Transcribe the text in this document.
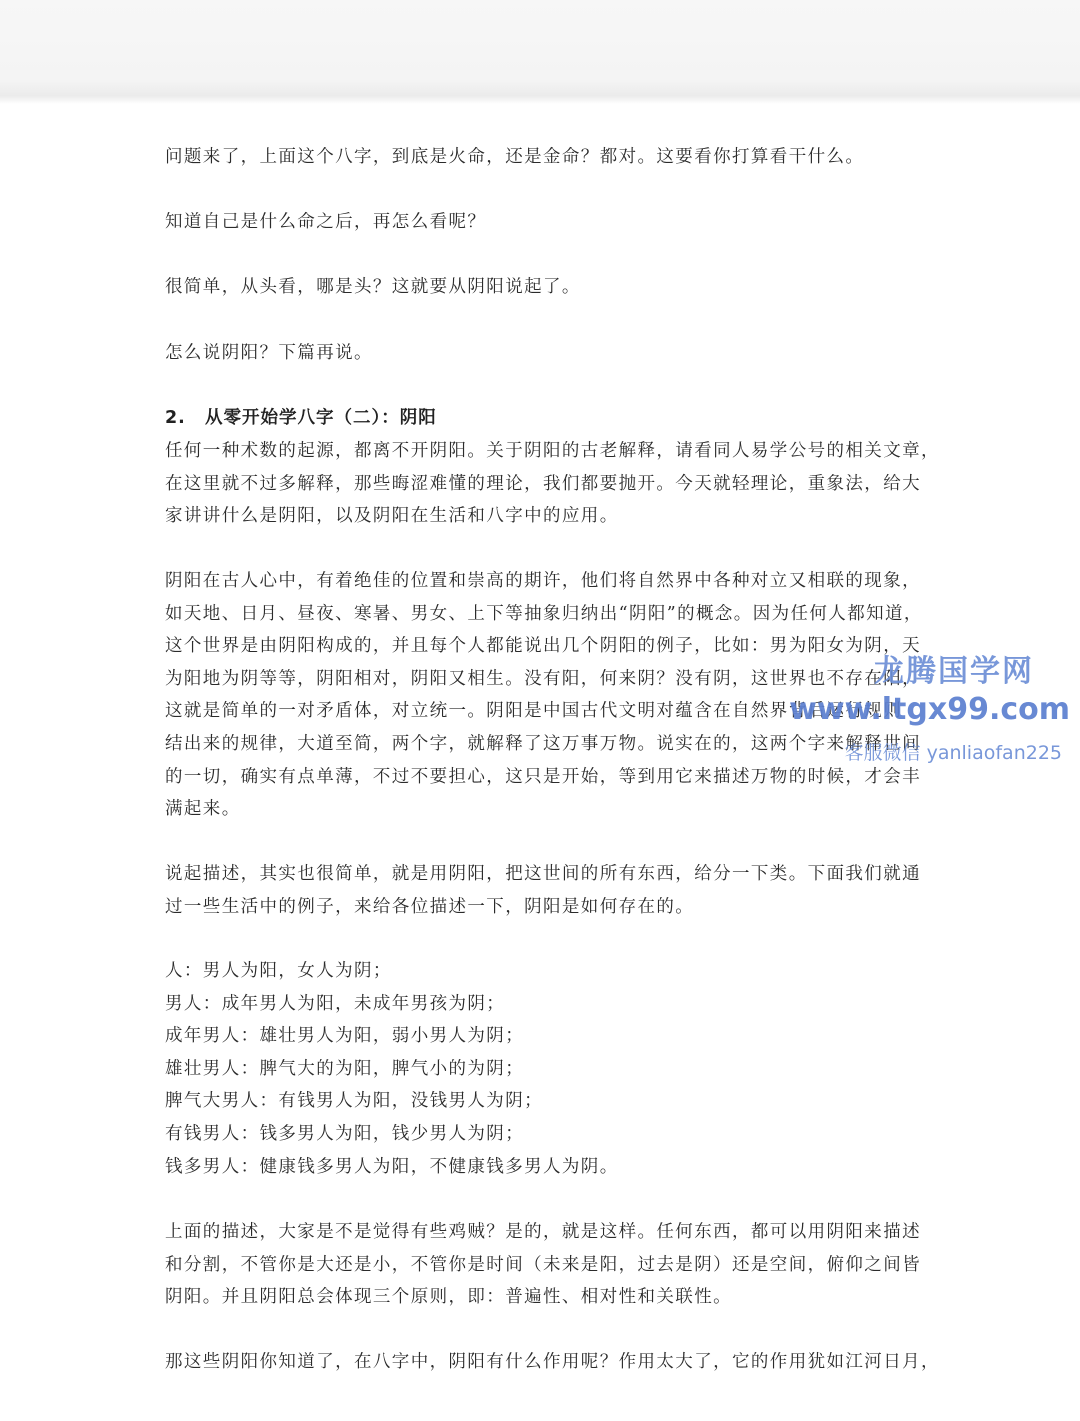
问题来了，上面这个八字，到底是火命，还是金命？都对。这要看你打算看干什么。

知道自己是什么命之后，再怎么看呢？

很简单，从头看，哪是头？这就要从阴阳说起了。

怎么说阴阳？下篇再说。

2. 从零开始学八字（二）：阴阳
任何一种术数的起源，都离不开阴阳。关于阴阳的古老解释，请看同人易学公号的相关文章，
在这里就不过多解释，那些晦涩难懂的理论，我们都要抛开。今天就轻理论，重象法，给大
家讲讲什么是阴阳，以及阴阳在生活和八字中的应用。
阴阳在古人心中，有着绝佳的位置和崇高的期许，他们将自然界中各种对立又相联的现象，
如天地、日月、昼夜、寒暑、男女、上下等抽象归纳出“阴阳”的概念。因为任何人都知道，
这个世界是由阴阳构成的，并且每个人都能说出几个阴阳的例子，比如：男为阳女为阴，天
为阳地为阴等等，阴阳相对，阴阳又相生。没有阳，何来阴？没有阴，这世界也不存在阳，
这就是简单的一对矛盾体，对立统一。阴阳是中国古代文明对蕴含在自然界背后运行规则
结出来的规律，大道至简，两个字，就解释了这万事万物。说实在的，这两个字来解释世间
的一切，确实有点单薄，不过不要担心，这只是开始，等到用它来描述万物的时候，才会丰
满起来。
说起描述，其实也很简单，就是用阴阳，把这世间的所有东西，给分一下类。下面我们就通
过一些生活中的例子，来给各位描述一下，阴阳是如何存在的。
人：男人为阳，女人为阴；
男人：成年男人为阳，未成年男孩为阴；
成年男人：雄壮男人为阳，弱小男人为阴；
雄壮男人：脾气大的为阳，脾气小的为阴；
脾气大男人：有钱男人为阳，没钱男人为阴；
有钱男人：钱多男人为阳，钱少男人为阴；
钱多男人：健康钱多男人为阳，不健康钱多男人为阴。
上面的描述，大家是不是觉得有些鸡贼？是的，就是这样。任何东西，都可以用阴阳来描述
和分割，不管你是大还是小，不管你是时间（未来是阳，过去是阴）还是空间，俯仰之间皆
阴阳。并且阴阳总会体现三个原则，即：普遍性、相对性和关联性。
那这些阴阳你知道了，在八字中，阴阳有什么作用呢？作用太大了，它的作用犹如江河日月，
龙腾国学网
www.ltgx99.com
客服微信 yanliaofan225
